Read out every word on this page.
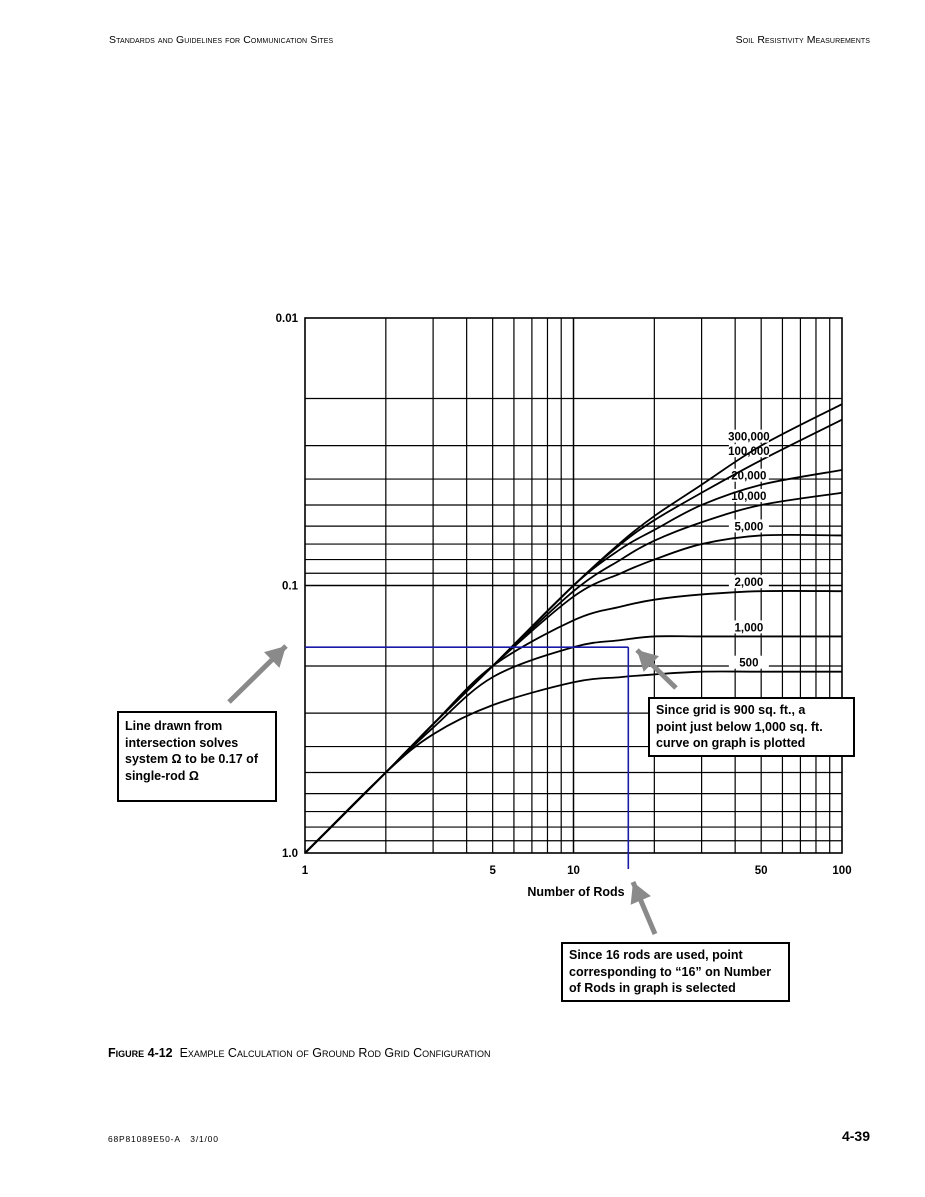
Standards and Guidelines for Communication Sites	Soil Resistivity Measurements
1	5	10	50	100
0.01
0.1
1.0
500
1,000
2,000
5,000
10,000
20,000
100,000
300,000
Number of Rods
Line drawn from
intersection solves
system Ω to be 0.17 of
single-rod Ω
Since grid is 900 sq. ft., a
point just below 1,000 sq. ft.
curve on graph is plotted
Since 16 rods are used, point
corresponding to “16” on Number
of Rods in graph is selected
Figure 4-12 Example Calculation of Ground Rod Grid Configuration
68P81089E50-A 3/1/00	4-39
